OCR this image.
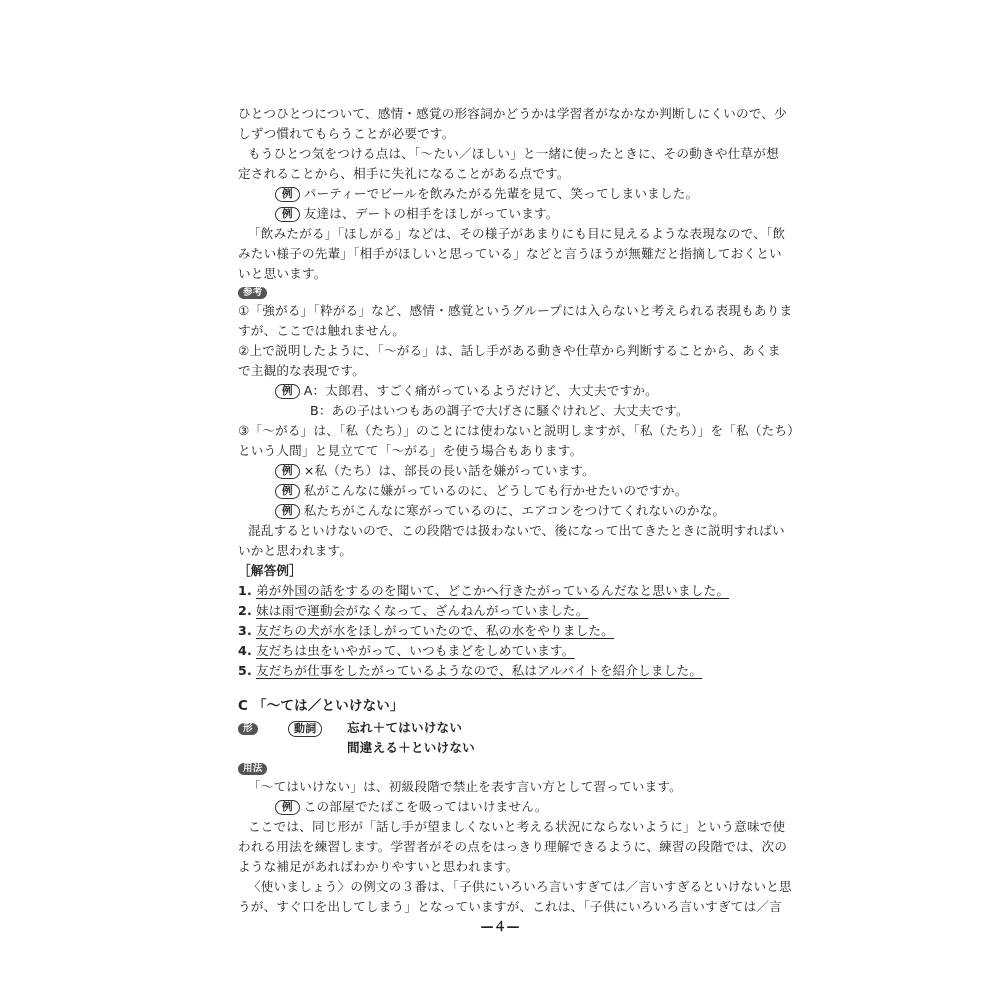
ひとつひとつについて、感情・感覚の形容詞かどうかは学習者がなかなか判断しにくいので、少
しずつ慣れてもらうことが必要です。
もうひとつ気をつける点は、「〜たい／ほしい」と一緒に使ったときに、その動きや仕草が想
定されることから、相手に失礼になることがある点です。
例 パーティーでビールを飲みたがる先輩を見て、笑ってしまいました。
例 友達は、デートの相手をほしがっています。
「飲みたがる」「ほしがる」などは、その様子があまりにも目に見えるような表現なので、「飲
みたい様子の先輩」「相手がほしいと思っている」などと言うほうが無難だと指摘しておくとい
いと思います。
参考
①「強がる」「粋がる」など、感情・感覚というグループには入らないと考えられる表現もありま
すが、ここでは触れません。
②上で説明したように、「〜がる」は、話し手がある動きや仕草から判断することから、あくま
で主観的な表現です。
例 A：太郎君、すごく痛がっているようだけど、大丈夫ですか。
B：あの子はいつもあの調子で大げさに騒ぐけれど、大丈夫です。
③「〜がる」は、「私（たち）」のことには使わないと説明しますが、「私（たち）」を「私（たち）
という人間」と見立てて「〜がる」を使う場合もあります。
例 ×私（たち）は、部長の長い話を嫌がっています。
例 私がこんなに嫌がっているのに、どうしても行かせたいのですか。
例 私たちがこんなに寒がっているのに、エアコンをつけてくれないのかな。
混乱するといけないので、この段階では扱わないで、後になって出てきたときに説明すればい
いかと思われます。
［解答例］
1. 弟が外国の話をするのを聞いて、どこかへ行きたがっているんだなと思いました。
2. 妹は雨で運動会がなくなって、ざんねんがっていました。
3. 友だちの犬が水をほしがっていたので、私の水をやりました。
4. 友だちは虫をいやがって、いつもまどをしめています。
5. 友だちが仕事をしたがっているようなので、私はアルバイトを紹介しました。
C 「〜ては／といけない」
形	動詞	忘れ＋てはいけない
間違える＋といけない
用法
「〜てはいけない」は、初級段階で禁止を表す言い方として習っています。
例 この部屋でたばこを吸ってはいけません。
ここでは、同じ形が「話し手が望ましくないと考える状況にならないように」という意味で使
われる用法を練習します。学習者がその点をはっきり理解できるように、練習の段階では、次の
ような補足があればわかりやすいと思われます。
〈使いましょう〉の例文の３番は、「子供にいろいろ言いすぎては／言いすぎるといけないと思
うが、すぐ口を出してしまう」となっていますが、これは、「子供にいろいろ言いすぎては／言
—４—
